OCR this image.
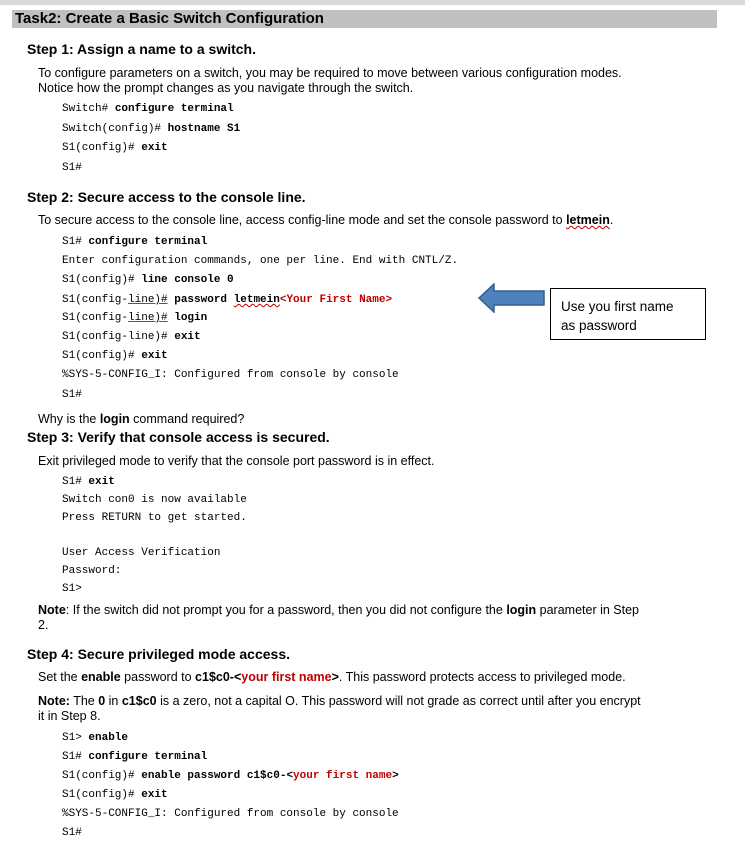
Task2: Create a Basic Switch Configuration

Step 1: Assign a name to a switch.

To configure parameters on a switch, you may be required to move between various configuration modes.

Notice how the prompt changes as you navigate through the switch.

Switch# configure terminal
Switch(config)# hostname S1
S1(config)# exit
S1#

Step 2: Secure access to the console line.

To secure access to the console line, access config-line mode and set the console password to letmein.

S1# configure terminal
Enter configuration commands, one per line. End with CNTL/Z.
S1(config)# line console 0
S1(config-line)# password letmein<Your First Name>
S1(config-line)# login
S1(config-line)# exit
S1(config)# exit
%SYS-5-CONFIG_I: Configured from console by console
S1#

Why is the login command required?

Use you first name
as password

Step 3: Verify that console access is secured.

Exit privileged mode to verify that the console port password is in effect.

S1# exit
Switch con0 is now available
Press RETURN to get started.
User Access Verification
Password:
S1>

Note: If the switch did not prompt you for a password, then you did not configure the login parameter in Step

2.

Step 4: Secure privileged mode access.

Set the enable password to c1$c0-<your first name>. This password protects access to privileged mode.

Note: The 0 in c1$c0 is a zero, not a capital O. This password will not grade as correct until after you encrypt

it in Step 8.

S1> enable
S1# configure terminal
S1(config)# enable password c1$c0-<your first name>
S1(config)# exit
%SYS-5-CONFIG_I: Configured from console by console
S1#
